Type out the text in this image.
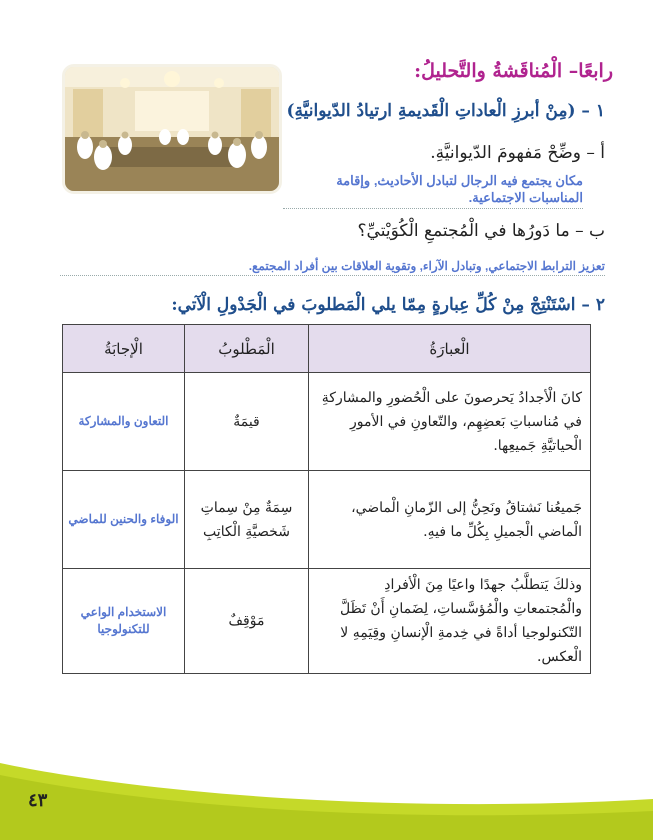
رابعًا– الْمُناقَشةُ والتَّحليلُ:
١ – (مِنْ أبرزِ الْعاداتِ الْقَديمةِ ارتيادُ الدّيوانيَّةِ)
أ – وضِّحْ مَفهومَ الدّيوانيَّةِ.
مكان يجتمع فيه الرجال لتبادل الأحاديث, وإقامة المناسبات الاجتماعية.
ب – ما دَورُها في الْمُجتمعِ الْكُوَيْتيِّ؟
تعزيز الترابط الاجتماعي, وتبادل الآراء, وتقوية العلاقات بين أفراد المجتمع.
٢ – اسْتَنْتِجْ مِنْ كُلِّ عِبارةٍ مِمّا يلي الْمَطلوبَ في الْجَدْولِ الْآتي:
الْعبارَةُ	الْمَطْلوبُ	الْإجابَةُ
كانَ الْأجدادُ يَحرصونَ على الْحُضورِ والمشاركةِ في مُناسباتِ بَعضِهِم، والتّعاونِ في الأمورِ الْحياتيَّةِ جَميعِها.	قيمَةٌ	التعاون والمشاركة
جَميعُنا نَشتاقُ ونَحِنُّ إلى الزّمانِ الْماضي، الْماضي الْجميلِ بِكُلِّ ما فيهِ.	سِمَةٌ مِنْ سِماتِ شَخصيَّةِ الْكاتِبِ	الوفاء والحنين للماضي
وذلكَ يَتطلَّبُ جهدًا واعيًا مِنَ الْأفرادِ والْمُجتمعاتِ والْمُؤسَّساتِ، لِضَمانِ أَنْ تَظَلَّ التّكنولوجيا أداةً في خِدمةِ الْإنسانِ وقِيَمِهِ لا الْعكس.	مَوْقِفٌ	الاستخدام الواعي للتكنولوجيا
٤٣
